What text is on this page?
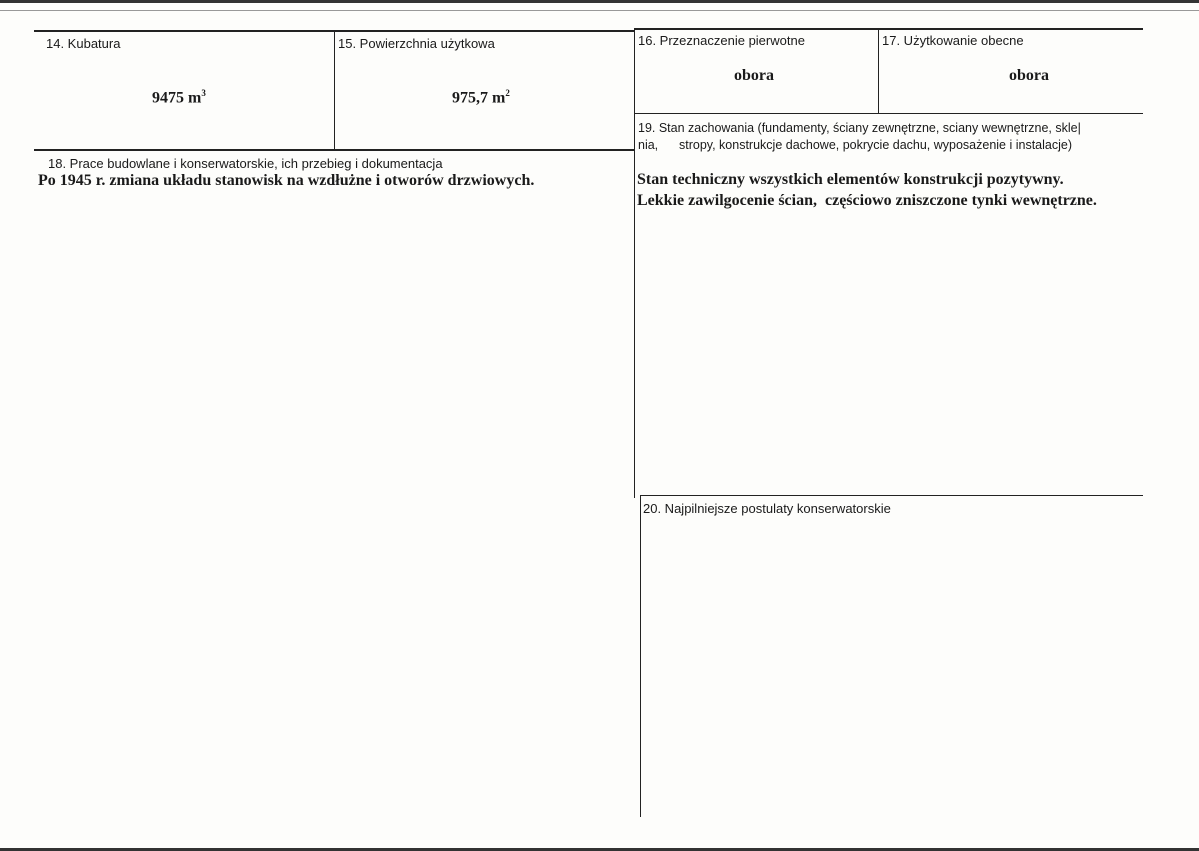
14. Kubatura
9475 $m^3$
15. Powierzchnia użytkowa
975,7 $m^2$
16. Przeznaczenie pierwotne
obora
17. Użytkowanie obecne
obora
18. Prace budowlane i konserwatorskie, ich przebieg i dokumentacja
Po 1945 r. zmiana układu stanowisk na wzdłużne i otworów drzwiowych.
19. Stan zachowania (fundamenty, ściany zewnętrzne, sciany wewnętrzne, skle|
nia,      stropy, konstrukcje dachowe, pokrycie dachu, wyposażenie i instalacje)
Stan techniczny wszystkich elementów konstrukcji pozytywny.
Lekkie zawilgocenie ścian,  częściowo zniszczone tynki wewnętrzne.
20. Najpilniejsze postulaty konserwatorskie
